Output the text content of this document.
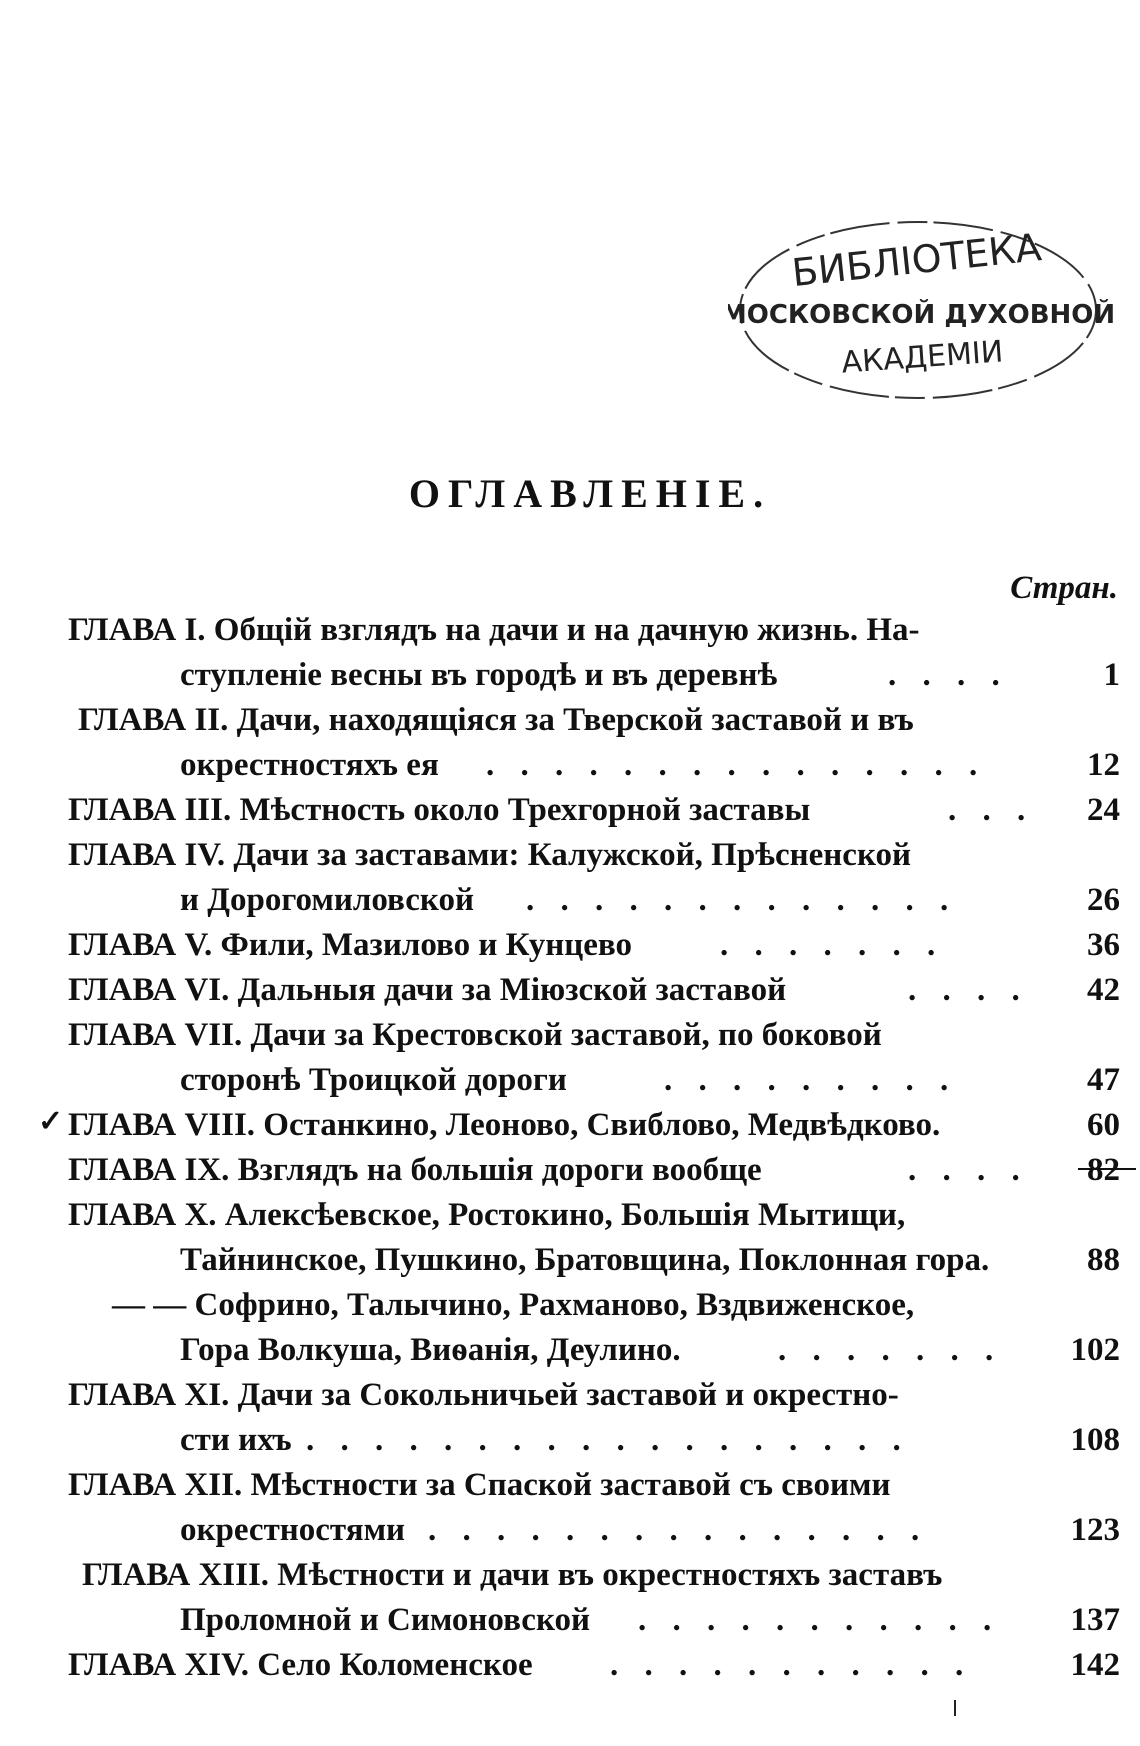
БИБЛІОТЕКА
МОСКОВСКОЙ ДУХОВНОЙ
АКАДЕМІИ
ОГЛАВЛЕНІЕ.
Стран.
✓
ГЛАВА I. Общій взглядъ на дачи и на дачную жизнь. На-
ступленіе весны въ городѣ и въ деревнѣ	. . . .	1
ГЛАВА II. Дачи, находящіяся за Тверской заставой и въ
окрестностяхъ ея . . . . . . . . . . . . . . .	12
ГЛАВА III. Мѣстность около Трехгорной заставы	. . . 24
ГЛАВА IV. Дачи за заставами: Калужской, Прѣсненской
и Дорогомиловской . . . . . . . . . . . . .	26
ГЛАВА V. Фили, Мазилово и Кунцево	. . . . . . .	36
ГЛАВА VI. Дальныя дачи за Міюзской заставой	. . . . 42
ГЛАВА VII. Дачи за Крестовской заставой, по боковой
сторонѣ Троицкой дороги	. . . . . . . . .	47
ГЛАВА VIII. Останкино, Леоново, Свиблово, Медвѣдково.	60
ГЛАВА IX. Взглядъ на большія дороги вообще	. . . . 82
ГЛАВА X. Алексѣевское, Ростокино, Большія Мытищи,
Тайнинское, Пушкино, Братовщина, Поклонная гора.	88
— — Софрино, Талычино, Рахманово, Вздвиженское,
Гора Волкуша, Виѳанія, Деулино.	. . . . . . . 102
ГЛАВА XI. Дачи за Сокольничьей заставой и окрестно-
сти ихъ . . . . . . . . . . . . . . . . . .	108
ГЛАВА XII. Мѣстности за Спаской заставой съ своими
окрестностями . . . . . . . . . . . . . . .	123
ГЛАВА XIII. Мѣстности и дачи въ окрестностяхъ заставъ
Проломной и Симоновской . . . . . . . . . . . 137
ГЛАВА XIV. Село Коломенское . . . . . . . . . . .	142
